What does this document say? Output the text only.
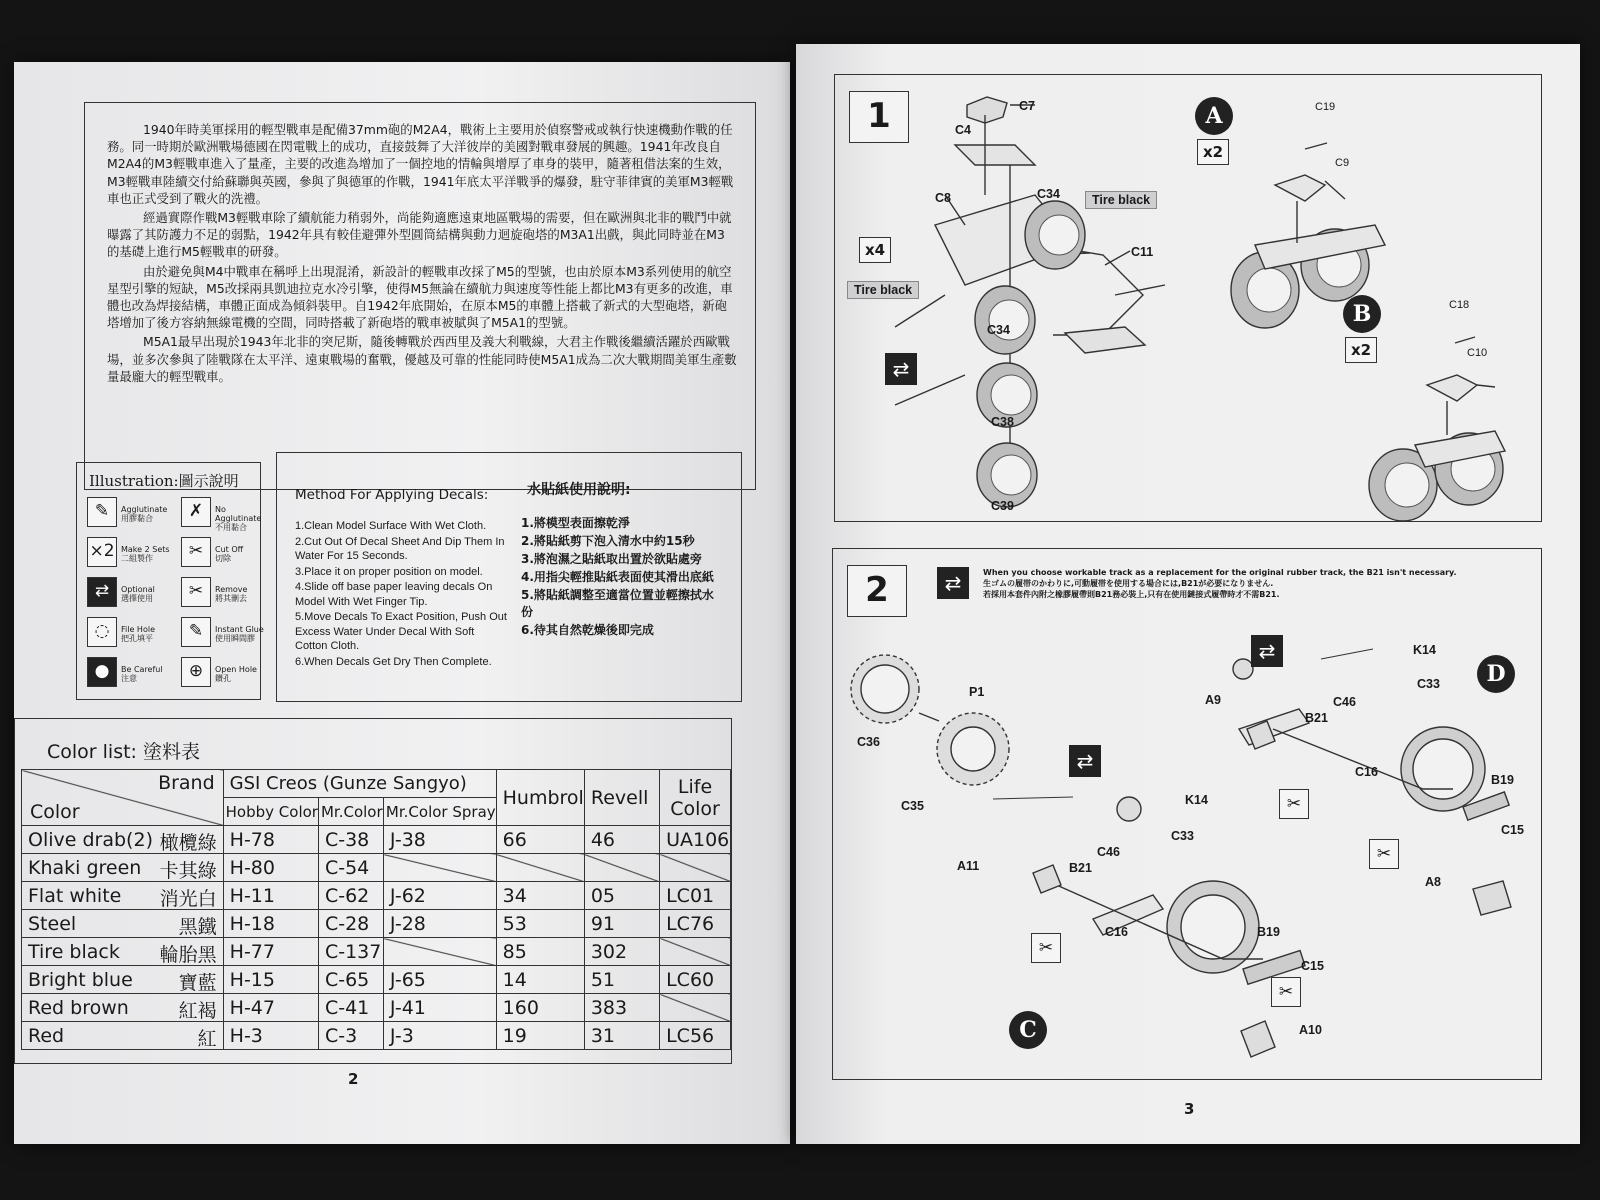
1940年時美軍採用的輕型戰車是配備37mm砲的M2A4，戰術上主要用於偵察警戒或執行快速機動作戰的任務。同一時期於歐洲戰場德國在閃電戰上的成功，直接鼓舞了大洋彼岸的美國對戰車發展的興趣。1941年改良自M2A4的M3輕戰車進入了量產，主要的改進為增加了一個控地的情輪與增厚了車身的裝甲，隨著租借法案的生效，M3輕戰車陸續交付給蘇聯與英國，參與了與德軍的作戰，1941年底太平洋戰爭的爆發，駐守菲律賓的美軍M3輕戰車也正式受到了戰火的洗禮。

經過實際作戰M3輕戰車除了續航能力稍弱外，尚能夠適應遠東地區戰場的需要，但在歐洲與北非的戰鬥中就曝露了其防護力不足的弱點，1942年具有較佳避彈外型圓筒結構與動力迴旋砲塔的M3A1出戲，與此同時並在M3的基礎上進行M5輕戰車的研發。

由於避免與M4中戰車在稱呼上出現混淆，新設計的輕戰車改採了M5的型號，也由於原本M3系列使用的航空星型引擎的短缺，M5改採兩具凱迪拉克水冷引擎，使得M5無論在續航力與速度等性能上都比M3有更多的改進，車體也改為焊接結構，車體正面成為傾斜裝甲。自1942年底開始，在原本M5的車體上搭載了新式的大型砲塔，新砲塔增加了後方容納無線電機的空間，同時搭載了新砲塔的戰車被賦與了M5A1的型號。

M5A1最早出現於1943年北非的突尼斯，隨後轉戰於西西里及義大利戰線，大君主作戰後繼續活躍於西歐戰場，並多次參與了陸戰隊在太平洋、遠東戰場的奮戰，優越及可靠的性能同時使M5A1成為二次大戰期間美軍生產數量最龐大的輕型戰車。

Illustration:圖示說明
✎	Agglutinate
用膠黏合	✗	No Agglutinate
不用黏合
×2 Make 2 Sets
二組製作	✂	Cut Off
切除
⇄	Optional
選擇使用	✂	Remove
將其刪去
◌	File Hole
把孔填平	✎	Instant Glue
使用瞬間膠
●	Be Careful
注意	⊕	Open Hole
鑽孔
Method For Applying Decals:	水貼紙使用說明:
1.Clean Model Surface With Wet Cloth.
2.Cut Out Of Decal Sheet And Dip Them In Water For 15 Seconds.
3.Place it on proper position on model.
4.Slide off base paper leaving decals On Model With Wet Finger Tip.
5.Move Decals To Exact Position, Push Out Excess Water Under Decal With Soft Cotton Cloth.
6.When Decals Get Dry Then Complete.
1.將模型表面擦乾淨
2.將貼紙剪下泡入清水中約15秒
3.將泡濕之貼紙取出置於欲貼處旁
4.用指尖輕推貼紙表面使其滑出底紙
5.將貼紙調整至適當位置並輕擦拭水份
6.待其自然乾燥後即完成
Color list: 塗料表
Brand
Color	GSI Creos (Gunze Sangyo)			Humbrol	Revell	Life Color
	Hobby Color	Mr.Color	Mr.Color Spray			
Olive drab(2) 橄欖綠	H-78	C-38	J-38	66	46	UA106
Khaki green 卡其綠	H-80	C-54				
Flat white 消光白	H-11	C-62	J-62	34	05	LC01
Steel 黑鐵	H-18	C-28	J-28	53	91	LC76
Tire black 輪胎黑	H-77	C-137		85	302	
Bright blue 寶藍	H-15	C-65	J-65	14	51	LC60
Red brown 紅褐	H-47	C-41	J-41	160	383	
Red 紅	H-3	C-3	J-3	19	31	LC56
2
1	C7
C4
C8	C34
C11
C34
C38
C39
Tire black
Tire black
x4
⇄
A
x2
C19
C9
B
x2
C18
C10
2	⇄	When you choose workable track as a replacement for the original rubber track, the B21 isn't necessary.
生ゴムの履帯のかわりに,可動履帯を使用する場合には,B21が必要になりません.
若採用本套件內附之橡膠履帶則B21務必裝上,只有在使用鏈接式履帶時才不需B21.
P1
C36
C35
K14
K14
A9
B21
B21
C46
C46
C33
C33
C16
C16
B19
B19
C15
C15
A8
A11
A10
⇄
⇄
✂
✂
✂
✂
C
D
3
